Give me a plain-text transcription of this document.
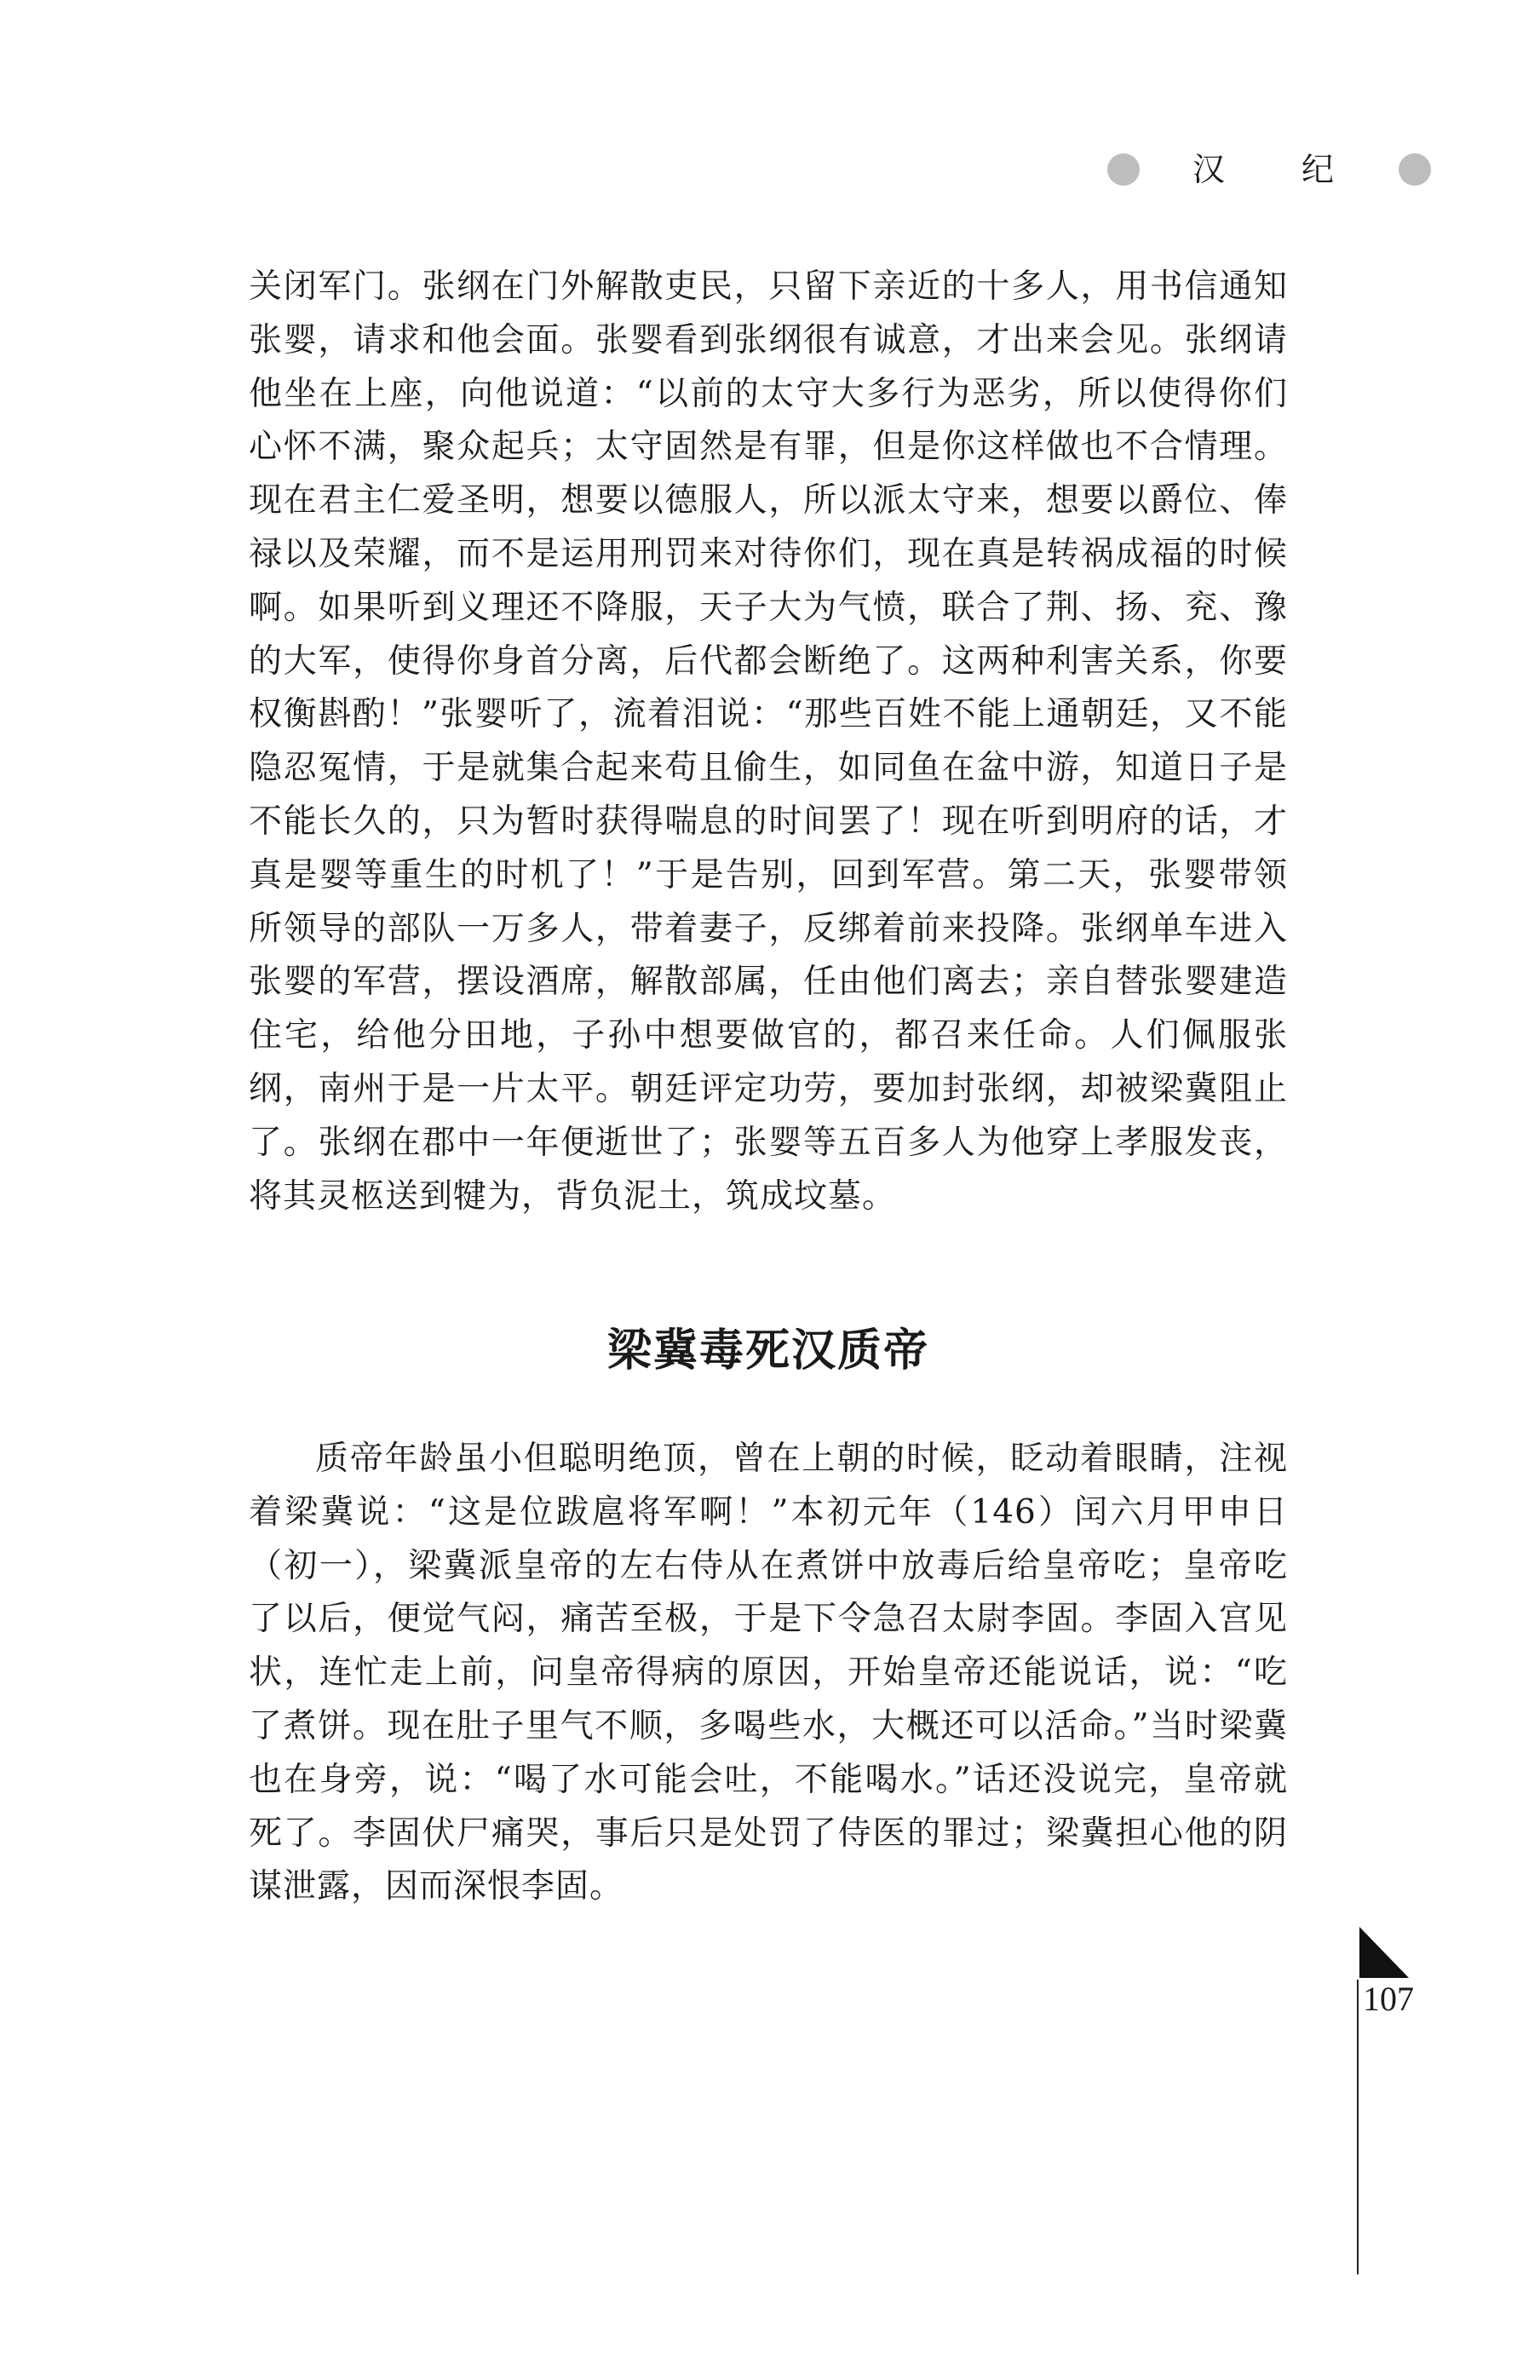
汉 纪

关闭军门。张纲在门外解散吏民，只留下亲近的十多人，用书信通知张婴，请求和他会面。张婴看到张纲很有诚意，才出来会见。张纲请他坐在上座，向他说道：“以前的太守大多行为恶劣，所以使得你们心怀不满，聚众起兵；太守固然是有罪，但是你这样做也不合情理。现在君主仁爱圣明，想要以德服人，所以派太守来，想要以爵位、俸禄以及荣耀，而不是运用刑罚来对待你们，现在真是转祸成福的时候啊。如果听到义理还不降服，天子大为气愤，联合了荆、扬、兖、豫的大军，使得你身首分离，后代都会断绝了。这两种利害关系，你要权衡斟酌！”张婴听了，流着泪说：“那些百姓不能上通朝廷，又不能隐忍冤情，于是就集合起来苟且偷生，如同鱼在盆中游，知道日子是不能长久的，只为暂时获得喘息的时间罢了！现在听到明府的话，才真是婴等重生的时机了！”于是告别，回到军营。第二天，张婴带领所领导的部队一万多人，带着妻子，反绑着前来投降。张纲单车进入张婴的军营，摆设酒席，解散部属，任由他们离去；亲自替张婴建造住宅，给他分田地，子孙中想要做官的，都召来任命。人们佩服张纲，南州于是一片太平。朝廷评定功劳，要加封张纲，却被梁冀阻止了。张纲在郡中一年便逝世了；张婴等五百多人为他穿上孝服发丧，将其灵柩送到犍为，背负泥土，筑成坟墓。

梁冀毒死汉质帝

质帝年龄虽小但聪明绝顶，曾在上朝的时候，眨动着眼睛，注视着梁冀说：“这是位跋扈将军啊！”本初元年（146）闰六月甲申日（初一），梁冀派皇帝的左右侍从在煮饼中放毒后给皇帝吃；皇帝吃了以后，便觉气闷，痛苦至极，于是下令急召太尉李固。李固入宫见状，连忙走上前，问皇帝得病的原因，开始皇帝还能说话，说：“吃了煮饼。现在肚子里气不顺，多喝些水，大概还可以活命。”当时梁冀也在身旁，说：“喝了水可能会吐，不能喝水。”话还没说完，皇帝就死了。李固伏尸痛哭，事后只是处罚了侍医的罪过；梁冀担心他的阴谋泄露，因而深恨李固。

107
